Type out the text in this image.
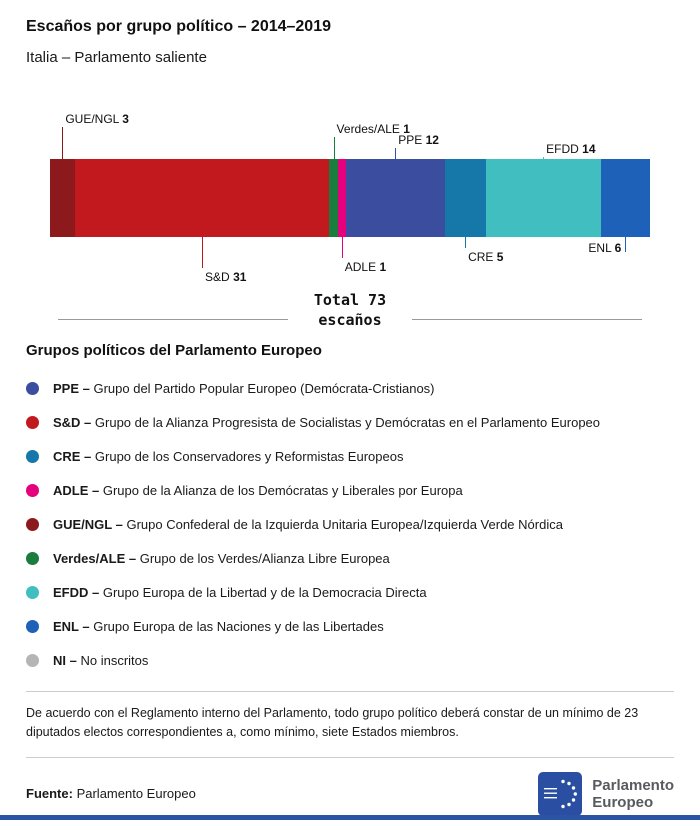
Escaños por grupo político – 2014–2019
Italia – Parlamento saliente
GUE/NGL 3
S&D 31
Verdes/ALE 1
ADLE 1
PPE 12
CRE 5
EFDD 14
ENL 6
Total 73
escaños
Grupos políticos del Parlamento Europeo
PPE – Grupo del Partido Popular Europeo (Demócrata-Cristianos)
S&D – Grupo de la Alianza Progresista de Socialistas y Demócratas en el Parlamento Europeo
CRE – Grupo de los Conservadores y Reformistas Europeos
ADLE – Grupo de la Alianza de los Demócratas y Liberales por Europa
GUE/NGL – Grupo Confederal de la Izquierda Unitaria Europea/Izquierda Verde Nórdica
Verdes/ALE – Grupo de los Verdes/Alianza Libre Europea
EFDD – Grupo Europa de la Libertad y de la Democracia Directa
ENL – Grupo Europa de las Naciones y de las Libertades
NI – No inscritos
De acuerdo con el Reglamento interno del Parlamento, todo grupo político deberá constar de un mínimo de 23 diputados electos correspondientes a, como mínimo, siete Estados miembros.
Fuente: Parlamento Europeo
Parlamento
Europeo
